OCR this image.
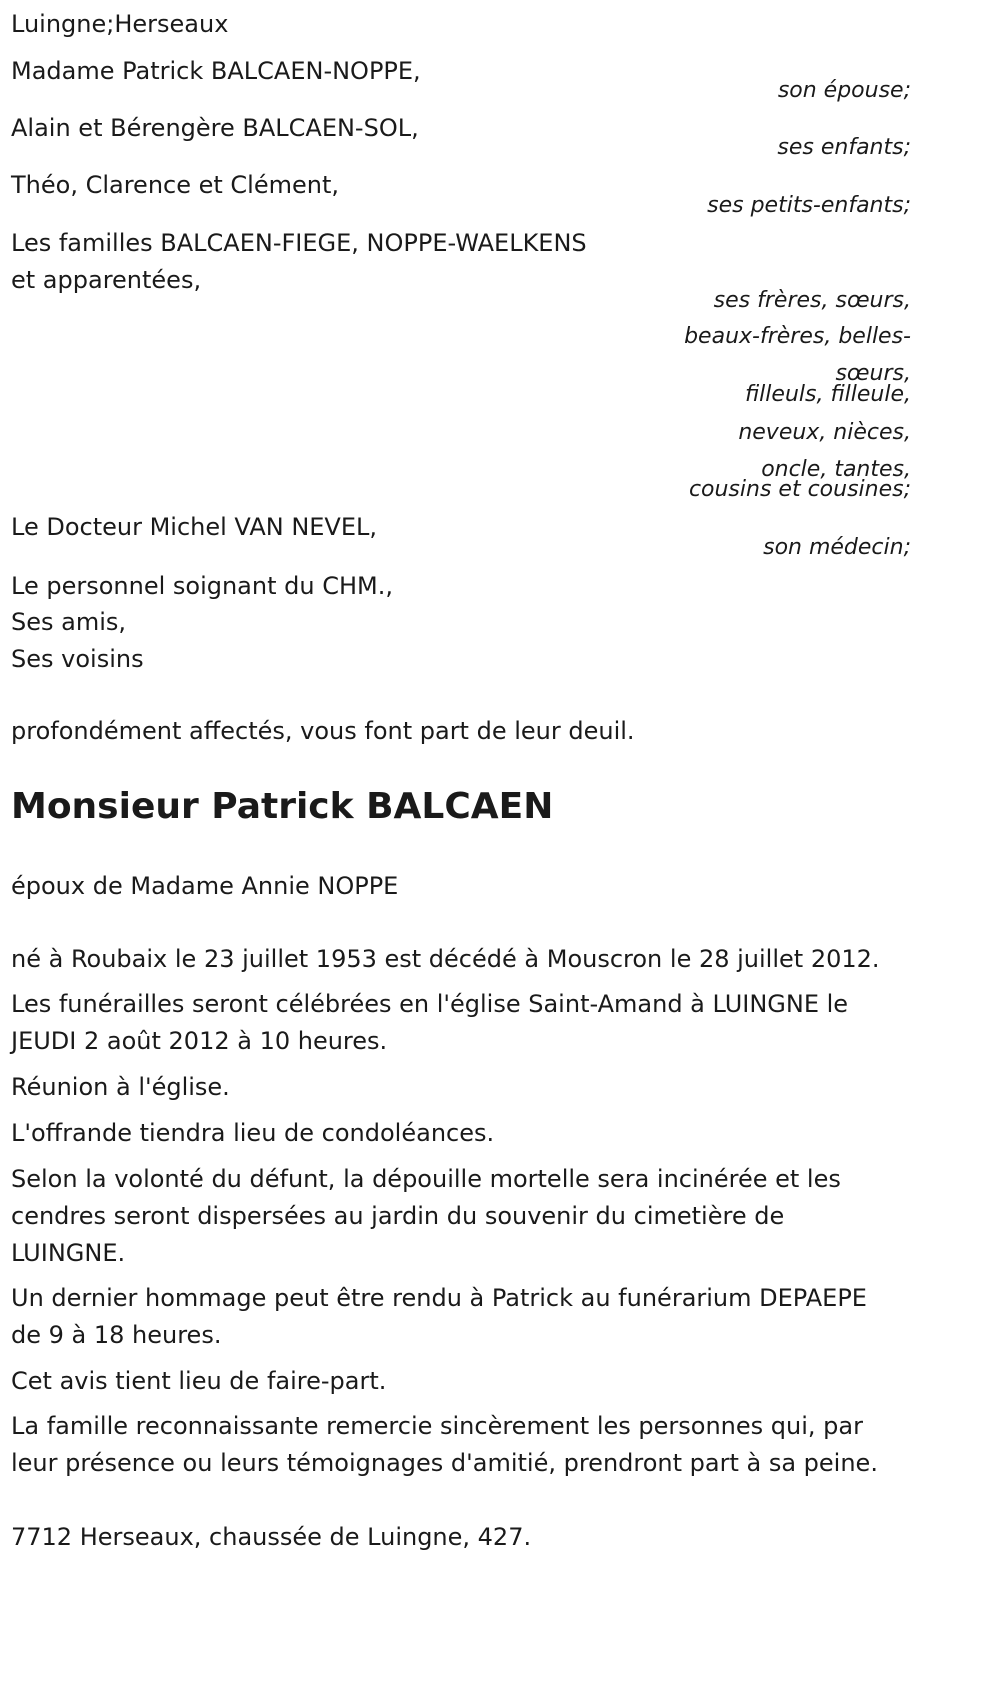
Luingne;Herseaux
Madame Patrick BALCAEN-NOPPE,
son épouse;
Alain et Bérengère BALCAEN-SOL,
ses enfants;
Théo, Clarence et Clément,
ses petits-enfants;
Les familles BALCAEN-FIEGE, NOPPE-WAELKENS
et apparentées,
ses frères, sœurs,
beaux-frères, belles-
sœurs,
filleuls, filleule,
neveux, nièces,
oncle, tantes,
cousins et cousines;
Le Docteur Michel VAN NEVEL,
son médecin;
Le personnel soignant du CHM.,
Ses amis,
Ses voisins
profondément affectés, vous font part de leur deuil.
Monsieur Patrick BALCAEN
époux de Madame Annie NOPPE
né à Roubaix le 23 juillet 1953 est décédé à Mouscron le 28 juillet 2012.
Les funérailles seront célébrées en l'église Saint-Amand à LUINGNE le
JEUDI 2 août 2012 à 10 heures.
Réunion à l'église.
L'offrande tiendra lieu de condoléances.
Selon la volonté du défunt, la dépouille mortelle sera incinérée et les
cendres seront dispersées au jardin du souvenir du cimetière de
LUINGNE.
Un dernier hommage peut être rendu à Patrick au funérarium DEPAEPE
de 9 à 18 heures.
Cet avis tient lieu de faire-part.
La famille reconnaissante remercie sincèrement les personnes qui, par
leur présence ou leurs témoignages d'amitié, prendront part à sa peine.
7712 Herseaux, chaussée de Luingne, 427.
